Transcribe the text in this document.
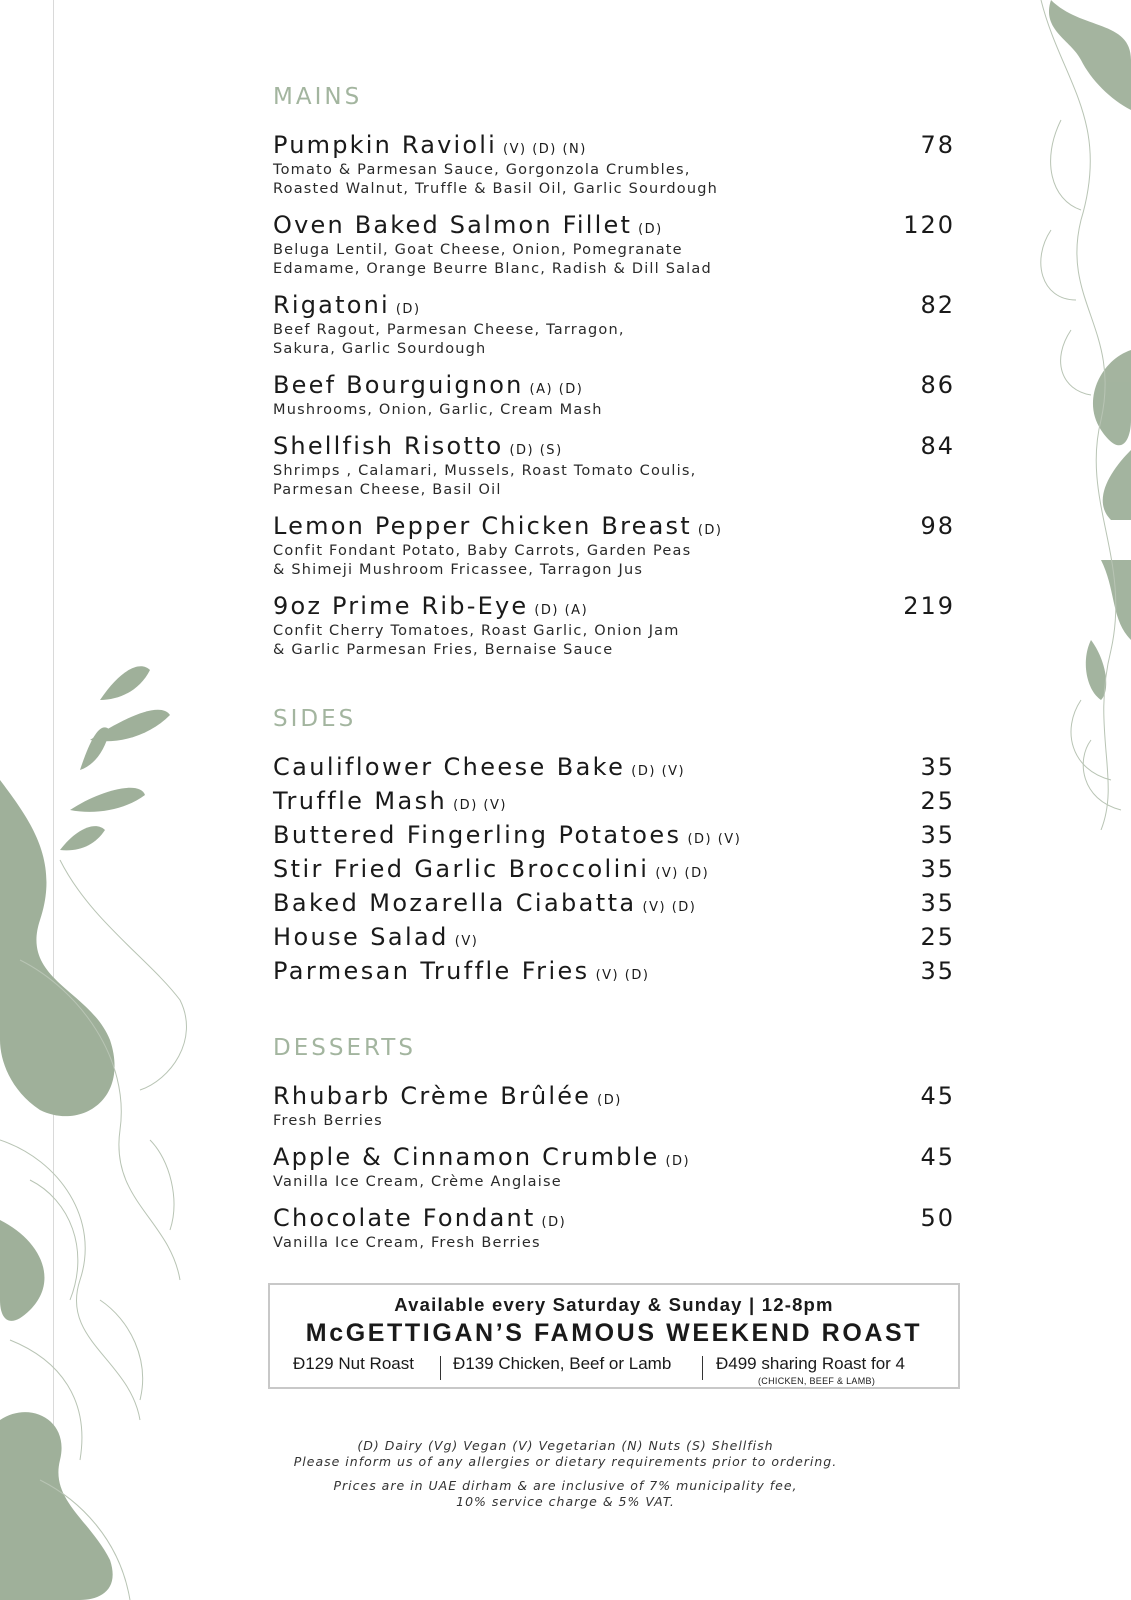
MAINS
Pumpkin Ravioli (V) (D) (N)	78
Tomato & Parmesan Sauce, Gorgonzola Crumbles,
Roasted Walnut, Truffle & Basil Oil, Garlic Sourdough
Oven Baked Salmon Fillet (D)	120
Beluga Lentil, Goat Cheese, Onion, Pomegranate
Edamame, Orange Beurre Blanc, Radish & Dill Salad
Rigatoni (D)	82
Beef Ragout, Parmesan Cheese, Tarragon,
Sakura, Garlic Sourdough
Beef Bourguignon (A) (D)	86
Mushrooms, Onion, Garlic, Cream Mash
Shellfish Risotto (D) (S)	84
Shrimps , Calamari, Mussels, Roast Tomato Coulis,
Parmesan Cheese, Basil Oil
Lemon Pepper Chicken Breast (D)	98
Confit Fondant Potato, Baby Carrots, Garden Peas
& Shimeji Mushroom Fricassee, Tarragon Jus
9oz Prime Rib-Eye (D) (A)	219
Confit Cherry Tomatoes, Roast Garlic, Onion Jam
& Garlic Parmesan Fries, Bernaise Sauce
SIDES
Cauliflower Cheese Bake (D) (V)	35
Truffle Mash (D) (V)	25
Buttered Fingerling Potatoes (D) (V)	35
Stir Fried Garlic Broccolini (V) (D)	35
Baked Mozarella Ciabatta (V) (D)	35
House Salad (V)	25
Parmesan Truffle Fries (V) (D)	35
DESSERTS
Rhubarb Crème Brûlée (D)	45
Fresh Berries
Apple & Cinnamon Crumble (D)	45
Vanilla Ice Cream, Crème Anglaise
Chocolate Fondant (D)	50
Vanilla Ice Cream, Fresh Berries
Available every Saturday & Sunday | 12-8pm
McGETTIGAN’S FAMOUS WEEKEND ROAST
Đ129 Nut Roast Đ139 Chicken, Beef or Lamb	Đ499 sharing Roast for 4
(CHICKEN, BEEF & LAMB)
(D) Dairy (Vg) Vegan (V) Vegetarian (N) Nuts (S) Shellfish
Please inform us of any allergies or dietary requirements prior to ordering.
Prices are in UAE dirham & are inclusive of 7% municipality fee,
10% service charge & 5% VAT.
